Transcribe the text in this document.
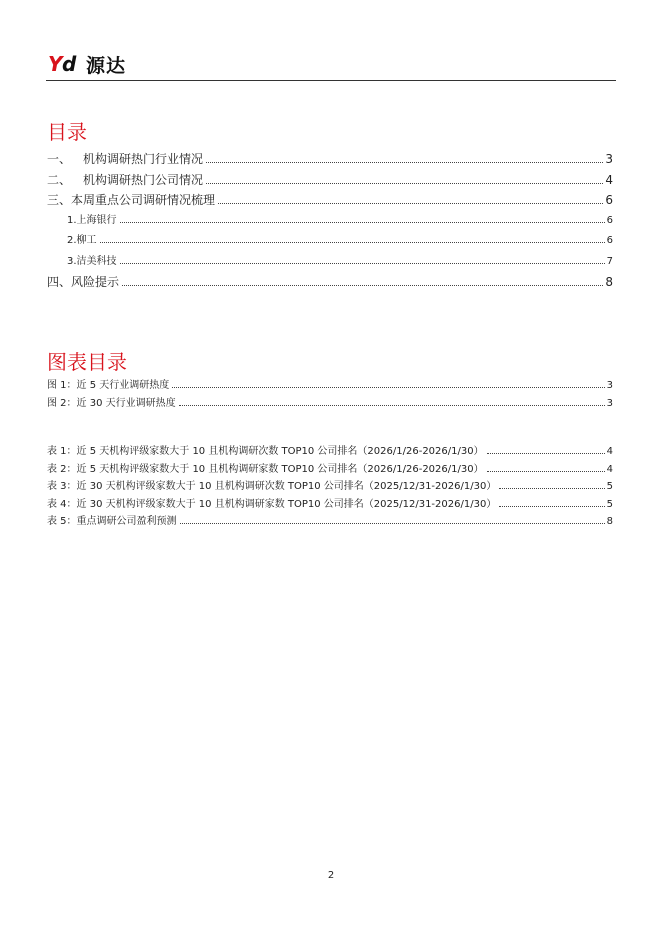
Y d 源达
目录
一、 机构调研热门行业情况	3
二、 机构调研热门公司情况	4
三、本周重点公司调研情况梳理	6
1.上海银行	6
2.柳工	6
3.洁美科技	7
四、风险提示	8
图表目录
图 1：近 5 天行业调研热度	3
图 2：近 30 天行业调研热度	3
表 1：近 5 天机构评级家数大于 10 且机构调研次数 TOP10 公司排名（2026/1/26-2026/1/30）	4
表 2：近 5 天机构评级家数大于 10 且机构调研家数 TOP10 公司排名（2026/1/26-2026/1/30）	4
表 3：近 30 天机构评级家数大于 10 且机构调研次数 TOP10 公司排名（2025/12/31-2026/1/30）	5
表 4：近 30 天机构评级家数大于 10 且机构调研家数 TOP10 公司排名（2025/12/31-2026/1/30）	5
表 5：重点调研公司盈利预测	8
2
